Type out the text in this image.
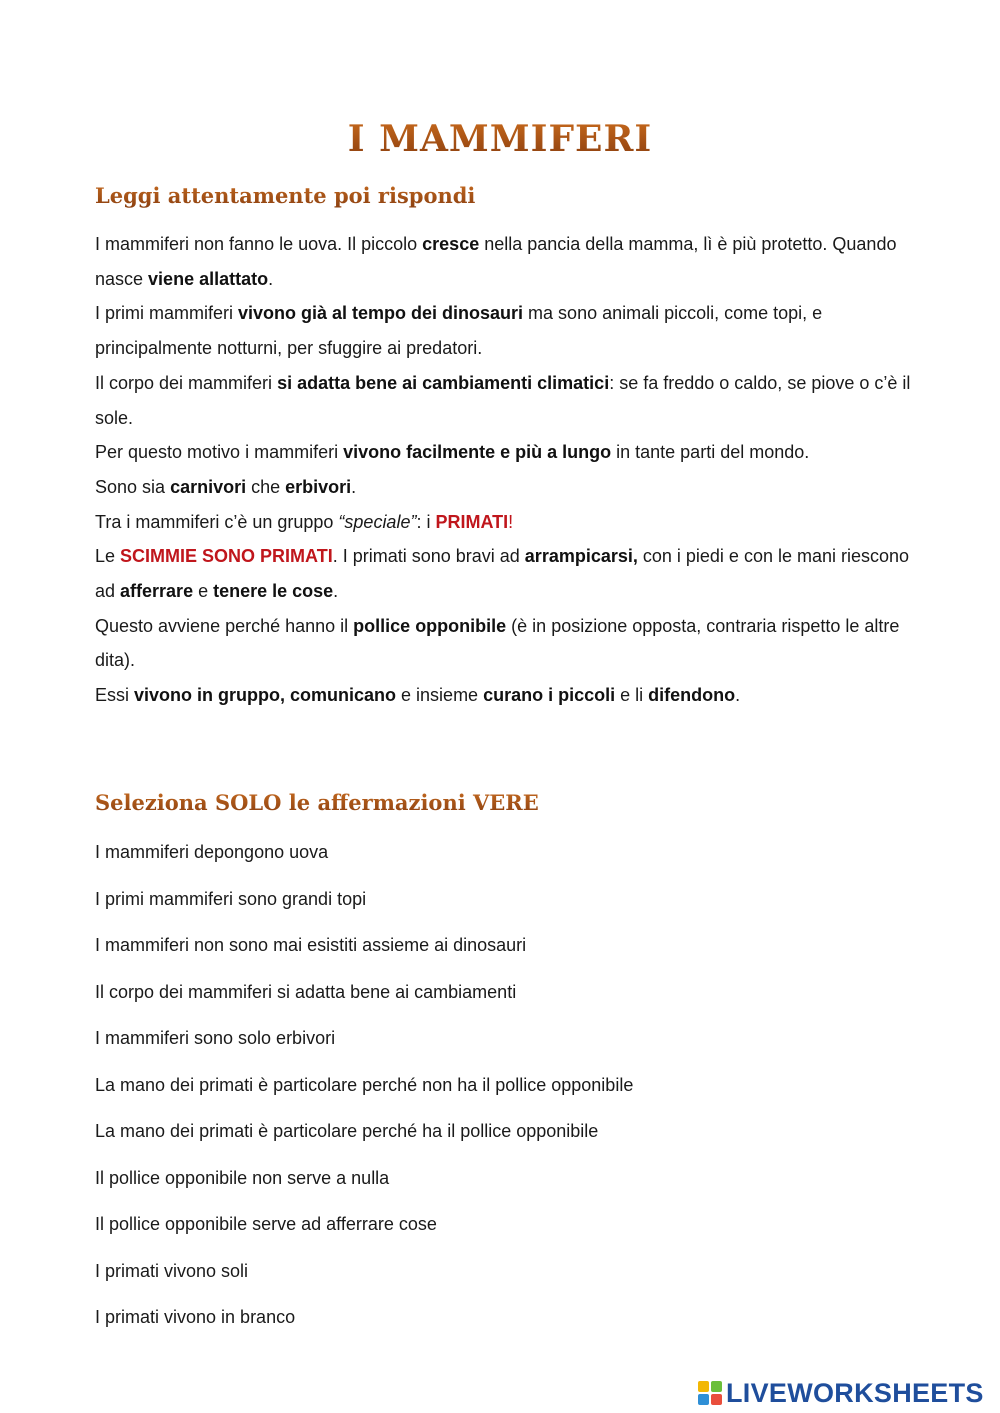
I MAMMIFERI
Leggi attentamente poi rispondi

I mammiferi non fanno le uova. Il piccolo cresce nella pancia della mamma, lì è più protetto. Quando nasce viene allattato.

I primi mammiferi vivono già al tempo dei dinosauri ma sono animali piccoli, come topi, e principalmente notturni, per sfuggire ai predatori.

Il corpo dei mammiferi si adatta bene ai cambiamenti climatici: se fa freddo o caldo, se piove o c’è il sole.

Per questo motivo i mammiferi vivono facilmente e più a lungo in tante parti del mondo.

Sono sia carnivori che erbivori.

Tra i mammiferi c’è un gruppo “speciale”: i PRIMATI!

Le SCIMMIE SONO PRIMATI. I primati sono bravi ad arrampicarsi, con i piedi e con le mani riescono ad afferrare e tenere le cose.

Questo avviene perché hanno il pollice opponibile (è in posizione opposta, contraria rispetto le altre dita).

Essi vivono in gruppo, comunicano e insieme curano i piccoli e li difendono.

Seleziona SOLO le affermazioni VERE
I mammiferi depongono uova
I primi mammiferi sono grandi topi
I mammiferi non sono mai esistiti assieme ai dinosauri
Il corpo dei mammiferi si adatta bene ai cambiamenti
I mammiferi sono solo erbivori
La mano dei primati è particolare perché non ha il pollice opponibile
La mano dei primati è particolare perché ha il pollice opponibile
Il pollice opponibile non serve a nulla
Il pollice opponibile serve ad afferrare cose
I primati vivono soli
I primati vivono in branco
LIVEWORKSHEETS
